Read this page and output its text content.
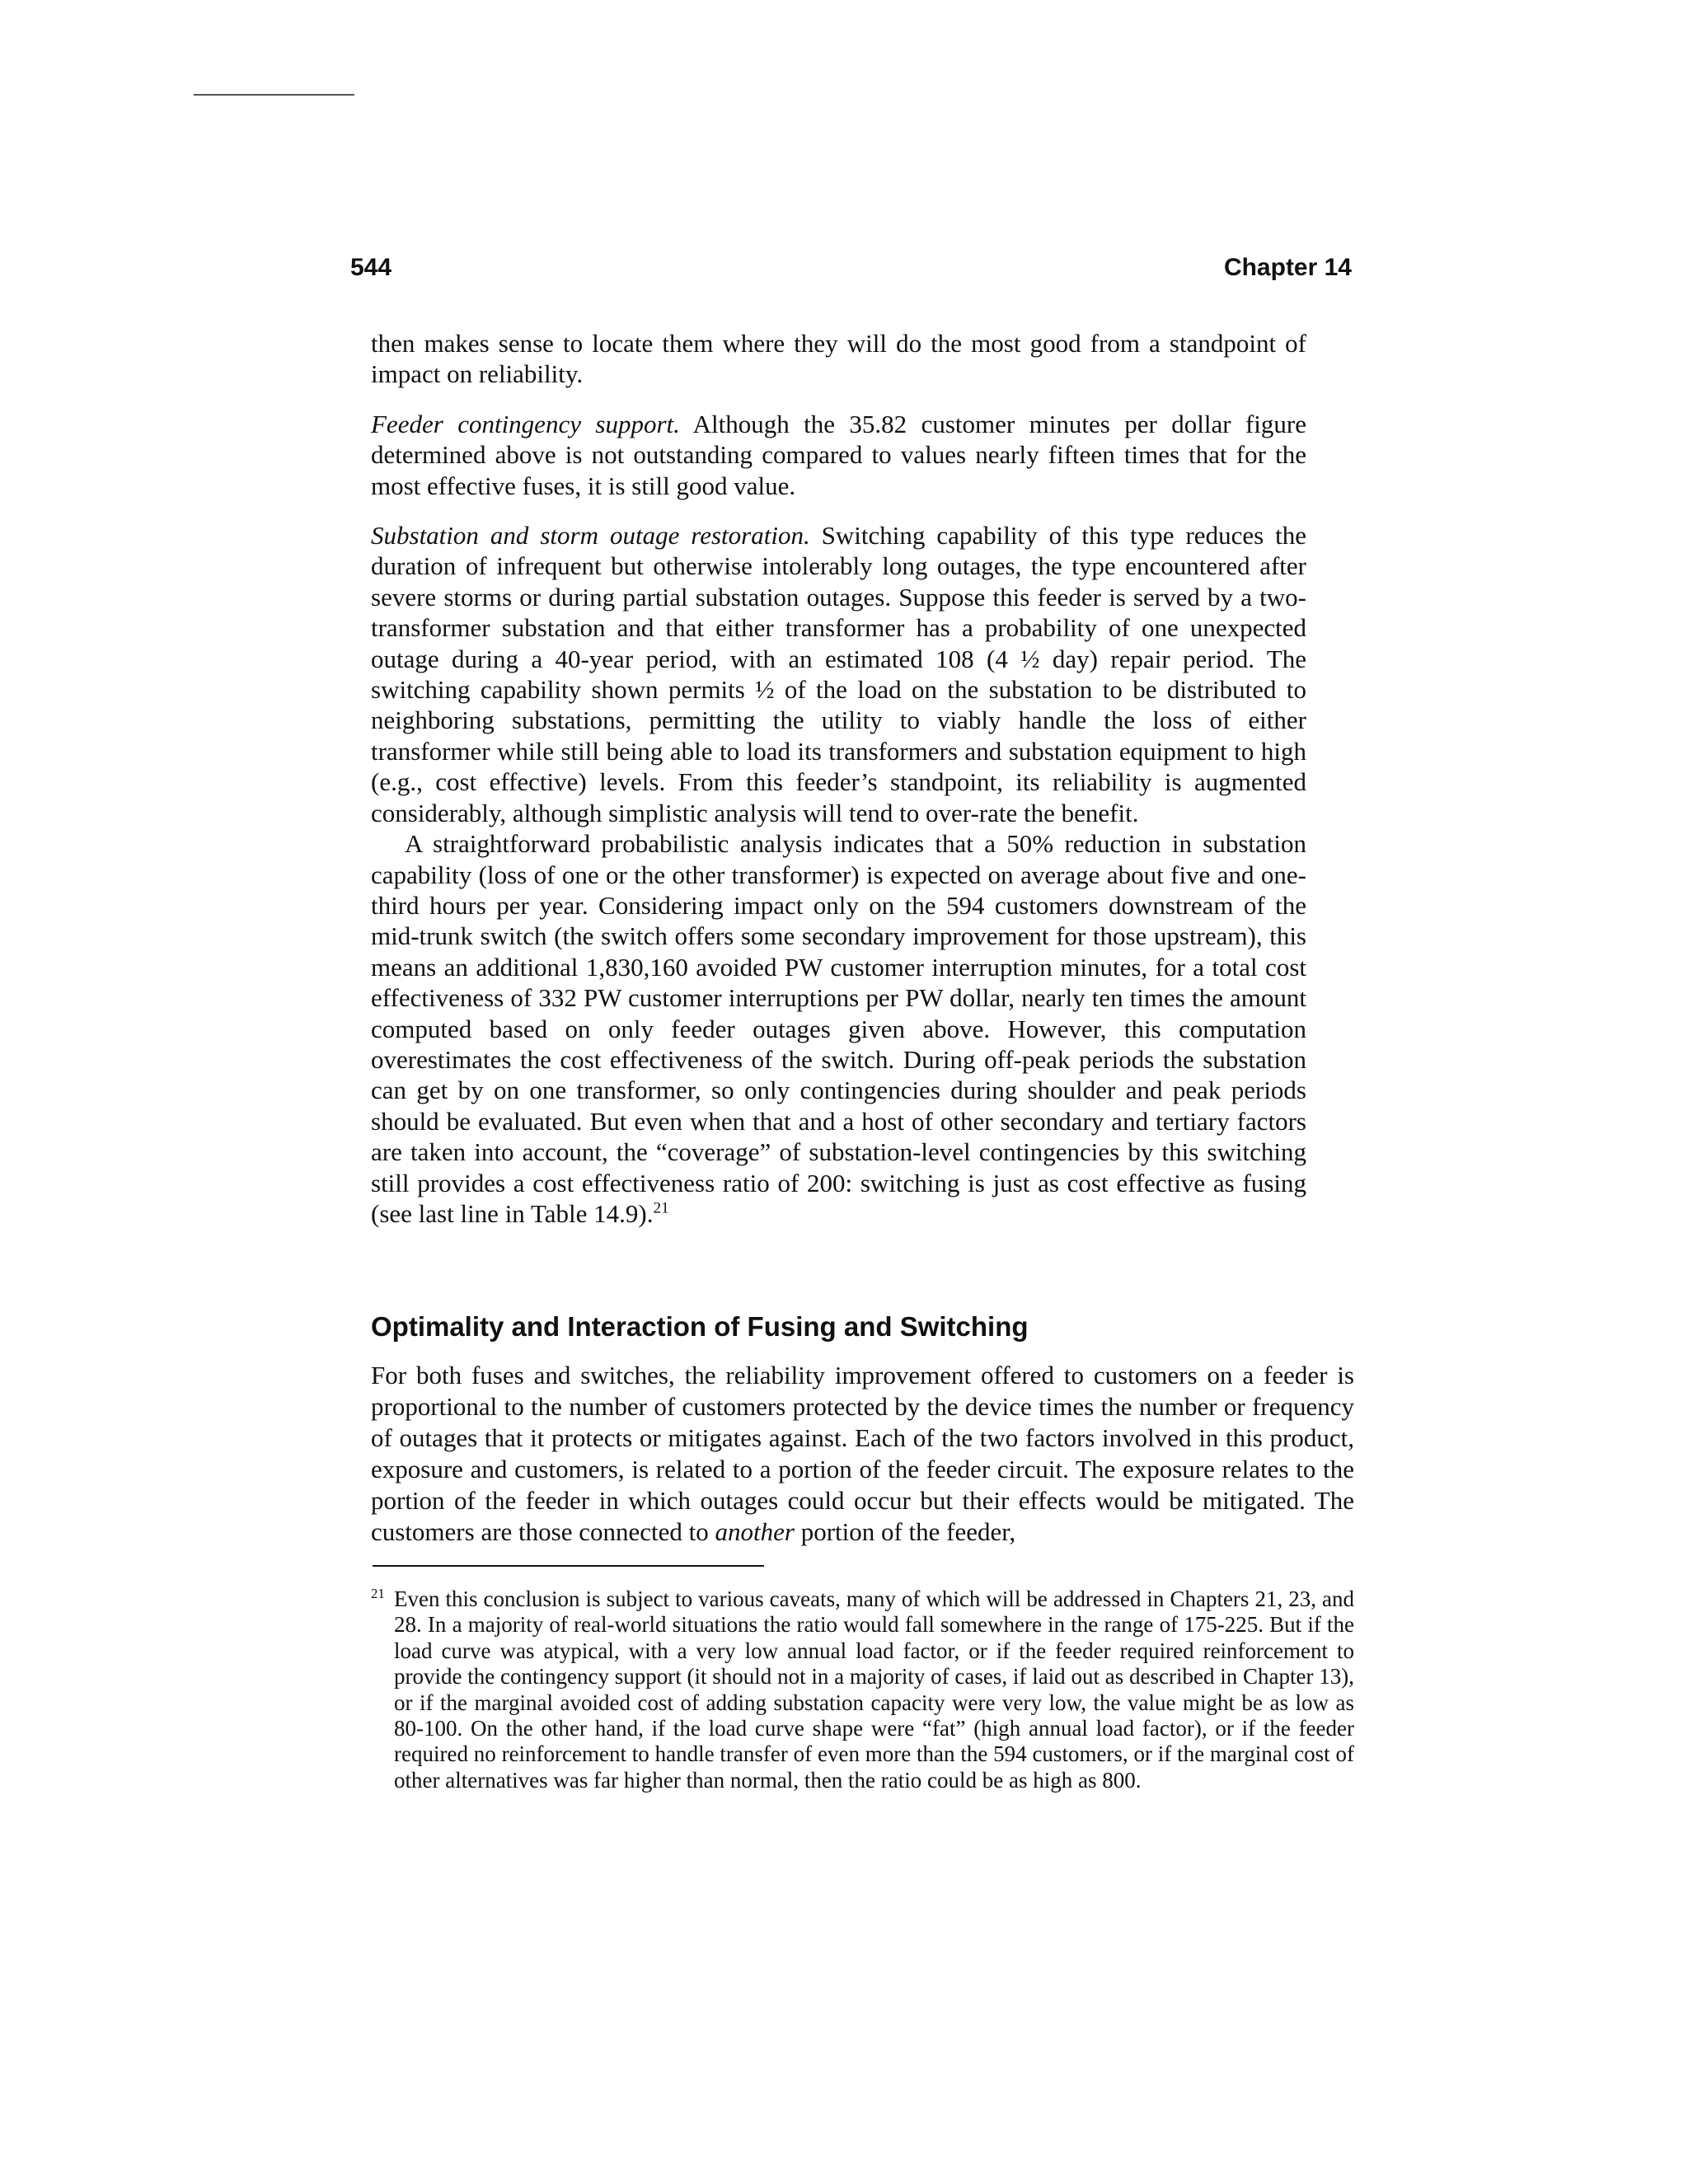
544	Chapter 14

then makes sense to locate them where they will do the most good from a standpoint of impact on reliability.

Feeder contingency support. Although the 35.82 customer minutes per dollar figure determined above is not outstanding compared to values nearly fifteen times that for the most effective fuses, it is still good value.

Substation and storm outage restoration. Switching capability of this type reduces the duration of infrequent but otherwise intolerably long outages, the type encountered after severe storms or during partial substation outages. Suppose this feeder is served by a two-transformer substation and that either transformer has a probability of one unexpected outage during a 40-year period, with an estimated 108 (4 ½ day) repair period. The switching capability shown permits ½ of the load on the substation to be distributed to neighboring substations, permitting the utility to viably handle the loss of either transformer while still being able to load its transformers and substation equipment to high (e.g., cost effective) levels. From this feeder’s standpoint, its reliability is augmented considerably, although simplistic analysis will tend to over-rate the benefit.

A straightforward probabilistic analysis indicates that a 50% reduction in substation capability (loss of one or the other transformer) is expected on average about five and one-third hours per year. Considering impact only on the 594 customers downstream of the mid-trunk switch (the switch offers some secondary improvement for those upstream), this means an additional 1,830,160 avoided PW customer interruption minutes, for a total cost effectiveness of 332 PW customer interruptions per PW dollar, nearly ten times the amount computed based on only feeder outages given above. However, this computation overestimates the cost effectiveness of the switch. During off-peak periods the substation can get by on one transformer, so only contingencies during shoulder and peak periods should be evaluated. But even when that and a host of other secondary and tertiary factors are taken into account, the “coverage” of substation-level contingencies by this switching still provides a cost effectiveness ratio of 200: switching is just as cost effective as fusing (see last line in Table 14.9).$^{21}$

Optimality and Interaction of Fusing and Switching

For both fuses and switches, the reliability improvement offered to customers on a feeder is proportional to the number of customers protected by the device times the number or frequency of outages that it protects or mitigates against. Each of the two factors involved in this product, exposure and customers, is related to a portion of the feeder circuit. The exposure relates to the portion of the feeder in which outages could occur but their effects would be mitigated. The customers are those connected to another portion of the feeder,

$^{21}$ Even this conclusion is subject to various caveats, many of which will be addressed in Chapters 21, 23, and 28. In a majority of real-world situations the ratio would fall somewhere in the range of 175-225. But if the load curve was atypical, with a very low annual load factor, or if the feeder required reinforcement to provide the contingency support (it should not in a majority of cases, if laid out as described in Chapter 13), or if the marginal avoided cost of adding substation capacity were very low, the value might be as low as 80-100. On the other hand, if the load curve shape were “fat” (high annual load factor), or if the feeder required no reinforcement to handle transfer of even more than the 594 customers, or if the marginal cost of other alternatives was far higher than normal, then the ratio could be as high as 800.
